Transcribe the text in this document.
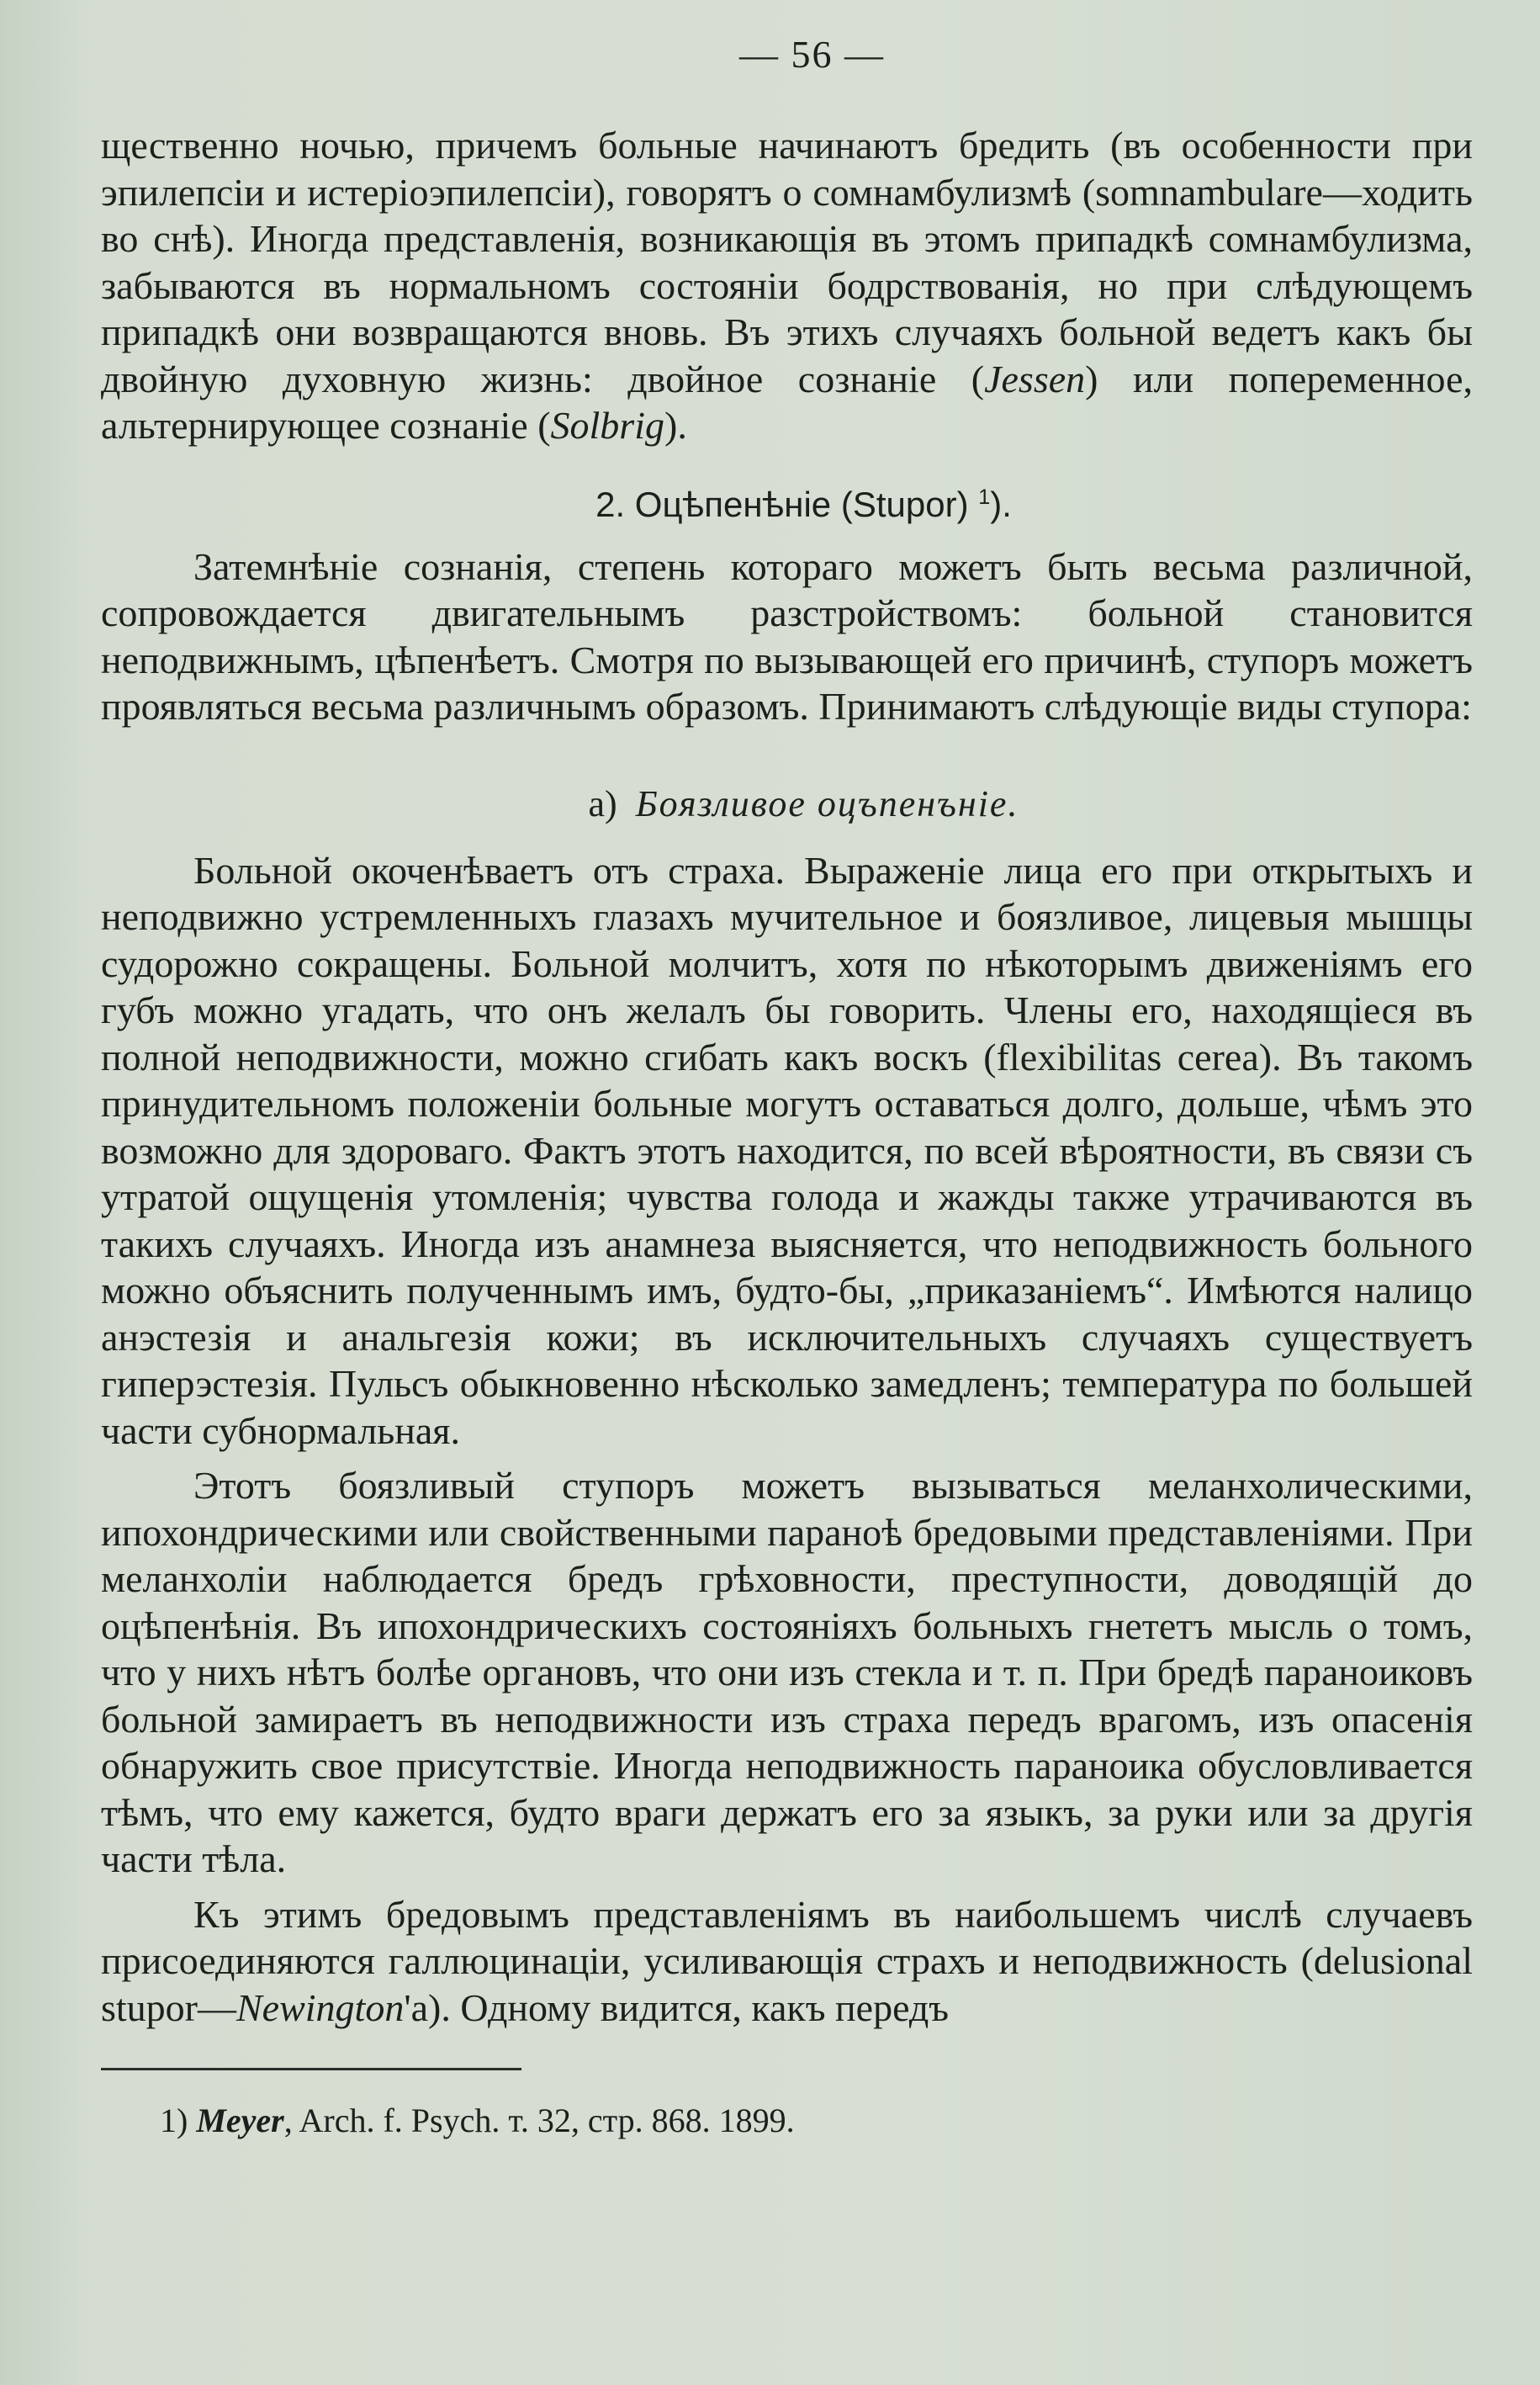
— 56 —

щественно ночью, причемъ больные начинаютъ бредить (въ особенности при эпилепсіи и истеріоэпилепсіи), говорятъ о сомнамбулизмѣ (somnambulare—ходить во снѣ). Иногда представленія, возникающія въ этомъ припадкѣ сомнамбулизма, забываются въ нормальномъ состояніи бодрствованія, но при слѣдующемъ припадкѣ они возвращаются вновь. Въ этихъ случаяхъ больной ведетъ какъ бы двойную духовную жизнь: двойное сознаніе (Jessen) или попеременное, альтернирующее сознаніе (Solbrig).

2. Оцѣпенѣніе (Stupor) $^1$).

Затемнѣніе сознанія, степень котораго можетъ быть весьма различной, сопровождается двигательнымъ разстройствомъ: больной становится неподвижнымъ, цѣпенѣетъ. Смотря по вызывающей его причинѣ, ступоръ можетъ проявляться весьма различнымъ образомъ. Принимаютъ слѣдующіе виды ступора:

а) Боязливое оцъпенънiе.

Больной окоченѣваетъ отъ страха. Выраженіе лица его при открытыхъ и неподвижно устремленныхъ глазахъ мучительное и боязливое, лицевыя мышцы судорожно сокращены. Больной молчитъ, хотя по нѣкоторымъ движеніямъ его губъ можно угадать, что онъ желалъ бы говорить. Члены его, находящіеся въ полной неподвижности, можно сгибать какъ воскъ (flexibilitas cerea). Въ такомъ принудительномъ положеніи больные могутъ оставаться долго, дольше, чѣмъ это возможно для здороваго. Фактъ этотъ находится, по всей вѣроятности, въ связи съ утратой ощущенія утомленія; чувства голода и жажды также утрачиваются въ такихъ случаяхъ. Иногда изъ анамнеза выясняется, что неподвижность больного можно объяснить полученнымъ имъ, будто-бы, „приказаніемъ“. Имѣются налицо анэстезія и анальгезія кожи; въ исключительныхъ случаяхъ существуетъ гиперэстезія. Пульсъ обыкновенно нѣсколько замедленъ; температура по большей части субнормальная.

Этотъ боязливый ступоръ можетъ вызываться меланхолическими, ипохондрическими или свойственными паранoѣ бредовыми представленіями. При меланхоліи наблюдается бредъ грѣховности, преступности, доводящій до оцѣпенѣнія. Въ ипохондрическихъ состояніяхъ больныхъ гнететъ мысль о томъ, что у нихъ нѣтъ болѣе органовъ, что они изъ стекла и т. п. При бредѣ параноиковъ больной замираетъ въ неподвижности изъ страха передъ врагомъ, изъ опасенія обнаружить свое присутствіе. Иногда неподвижность параноика обусловливается тѣмъ, что ему кажется, будто враги держатъ его за языкъ, за руки или за другія части тѣла.

Къ этимъ бредовымъ представленіямъ въ наибольшемъ числѣ случаевъ присоединяются галлюцинаціи, усиливающія страхъ и неподвижность (delusional stupor—Newington'а). Одному видится, какъ передъ

1) Meyer, Arch. f. Psych. т. 32, стр. 868. 1899.
